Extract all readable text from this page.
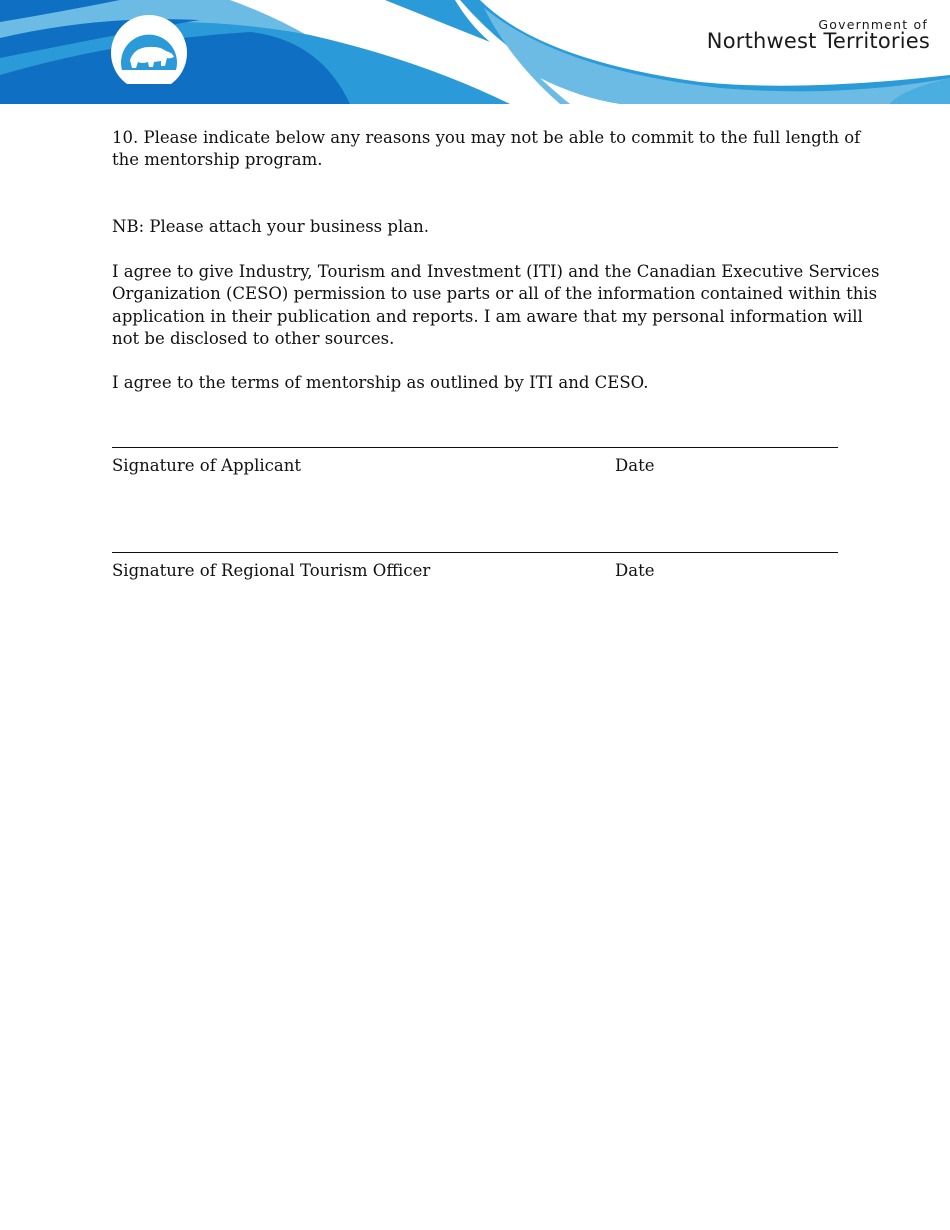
Government of
Northwest Territories

10. Please indicate below any reasons you may not be able to commit to the full length of
the mentorship program.

NB: Please attach your business plan.

I agree to give Industry, Tourism and Investment (ITI) and the Canadian Executive Services
Organization (CESO) permission to use parts or all of the information contained within this
application in their publication and reports. I am aware that my personal information will
not be disclosed to other sources.

I agree to the terms of mentorship as outlined by ITI and CESO.

Signature of Applicant	Date
Signature of Regional Tourism Officer	Date
